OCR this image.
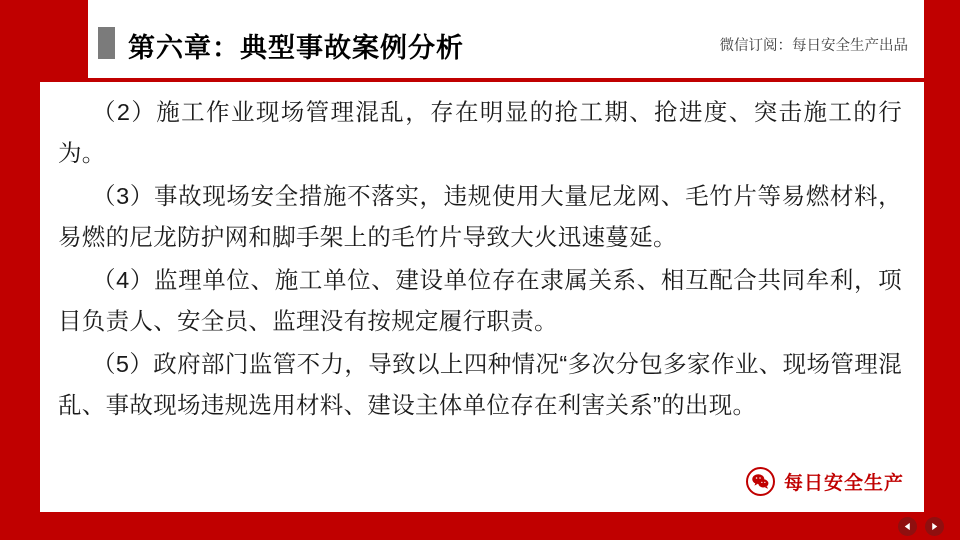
第六章：典型事故案例分析	微信订阅：每日安全生产出品

（2）施工作业现场管理混乱，存在明显的抢工期、抢进度、突击施工的行为。

（3）事故现场安全措施不落实，违规使用大量尼龙网、毛竹片等易燃材料，易燃的尼龙防护网和脚手架上的毛竹片导致大火迅速蔓延。

（4）监理单位、施工单位、建设单位存在隶属关系、相互配合共同牟利，项目负责人、安全员、监理没有按规定履行职责。

（5）政府部门监管不力，导致以上四种情况“多次分包多家作业、现场管理混乱、事故现场违规选用材料、建设主体单位存在利害关系”的出现。

每日安全生产
